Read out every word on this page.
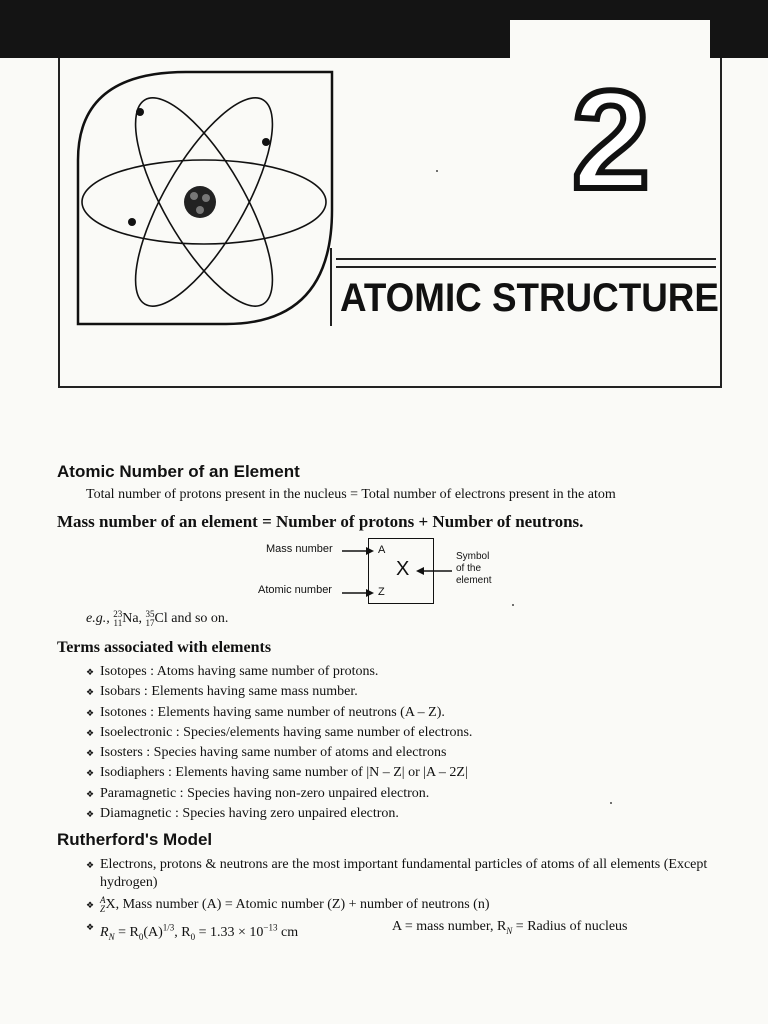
2
ATOMIC STRUCTURE
Atomic Number of an Element
Total number of protons present in the nucleus = Total number of electrons present in the atom
Mass number of an element = Number of protons + Number of neutrons.
Mass number
Atomic number
A
Z
X
Symbol
of the
element
e.g., 23
11Na, 35
17Cl and so on.
Terms associated with elements
❖ Isotopes : Atoms having same number of protons.
❖ Isobars : Elements having same mass number.
❖ Isotones : Elements having same number of neutrons (A – Z).
❖ Isoelectronic : Species/elements having same number of electrons.
❖ Isosters : Species having same number of atoms and electrons
❖ Isodiaphers : Elements having same number of |N – Z| or |A – 2Z|
❖ Paramagnetic : Species having non-zero unpaired electron.
❖ Diamagnetic : Species having zero unpaired electron.
Rutherford's Model
❖ Electrons, protons & neutrons are the most important fundamental particles of atoms of all elements (Except hydrogen)
❖ A
ZX, Mass number (A) = Atomic number (Z) + number of neutrons (n)
❖ $R_N = R_0(A)^{1/3}$, $R_0 = 1.33 \times 10^{-13}$ cm	A = mass number, $R_N$ = Radius of nucleus
